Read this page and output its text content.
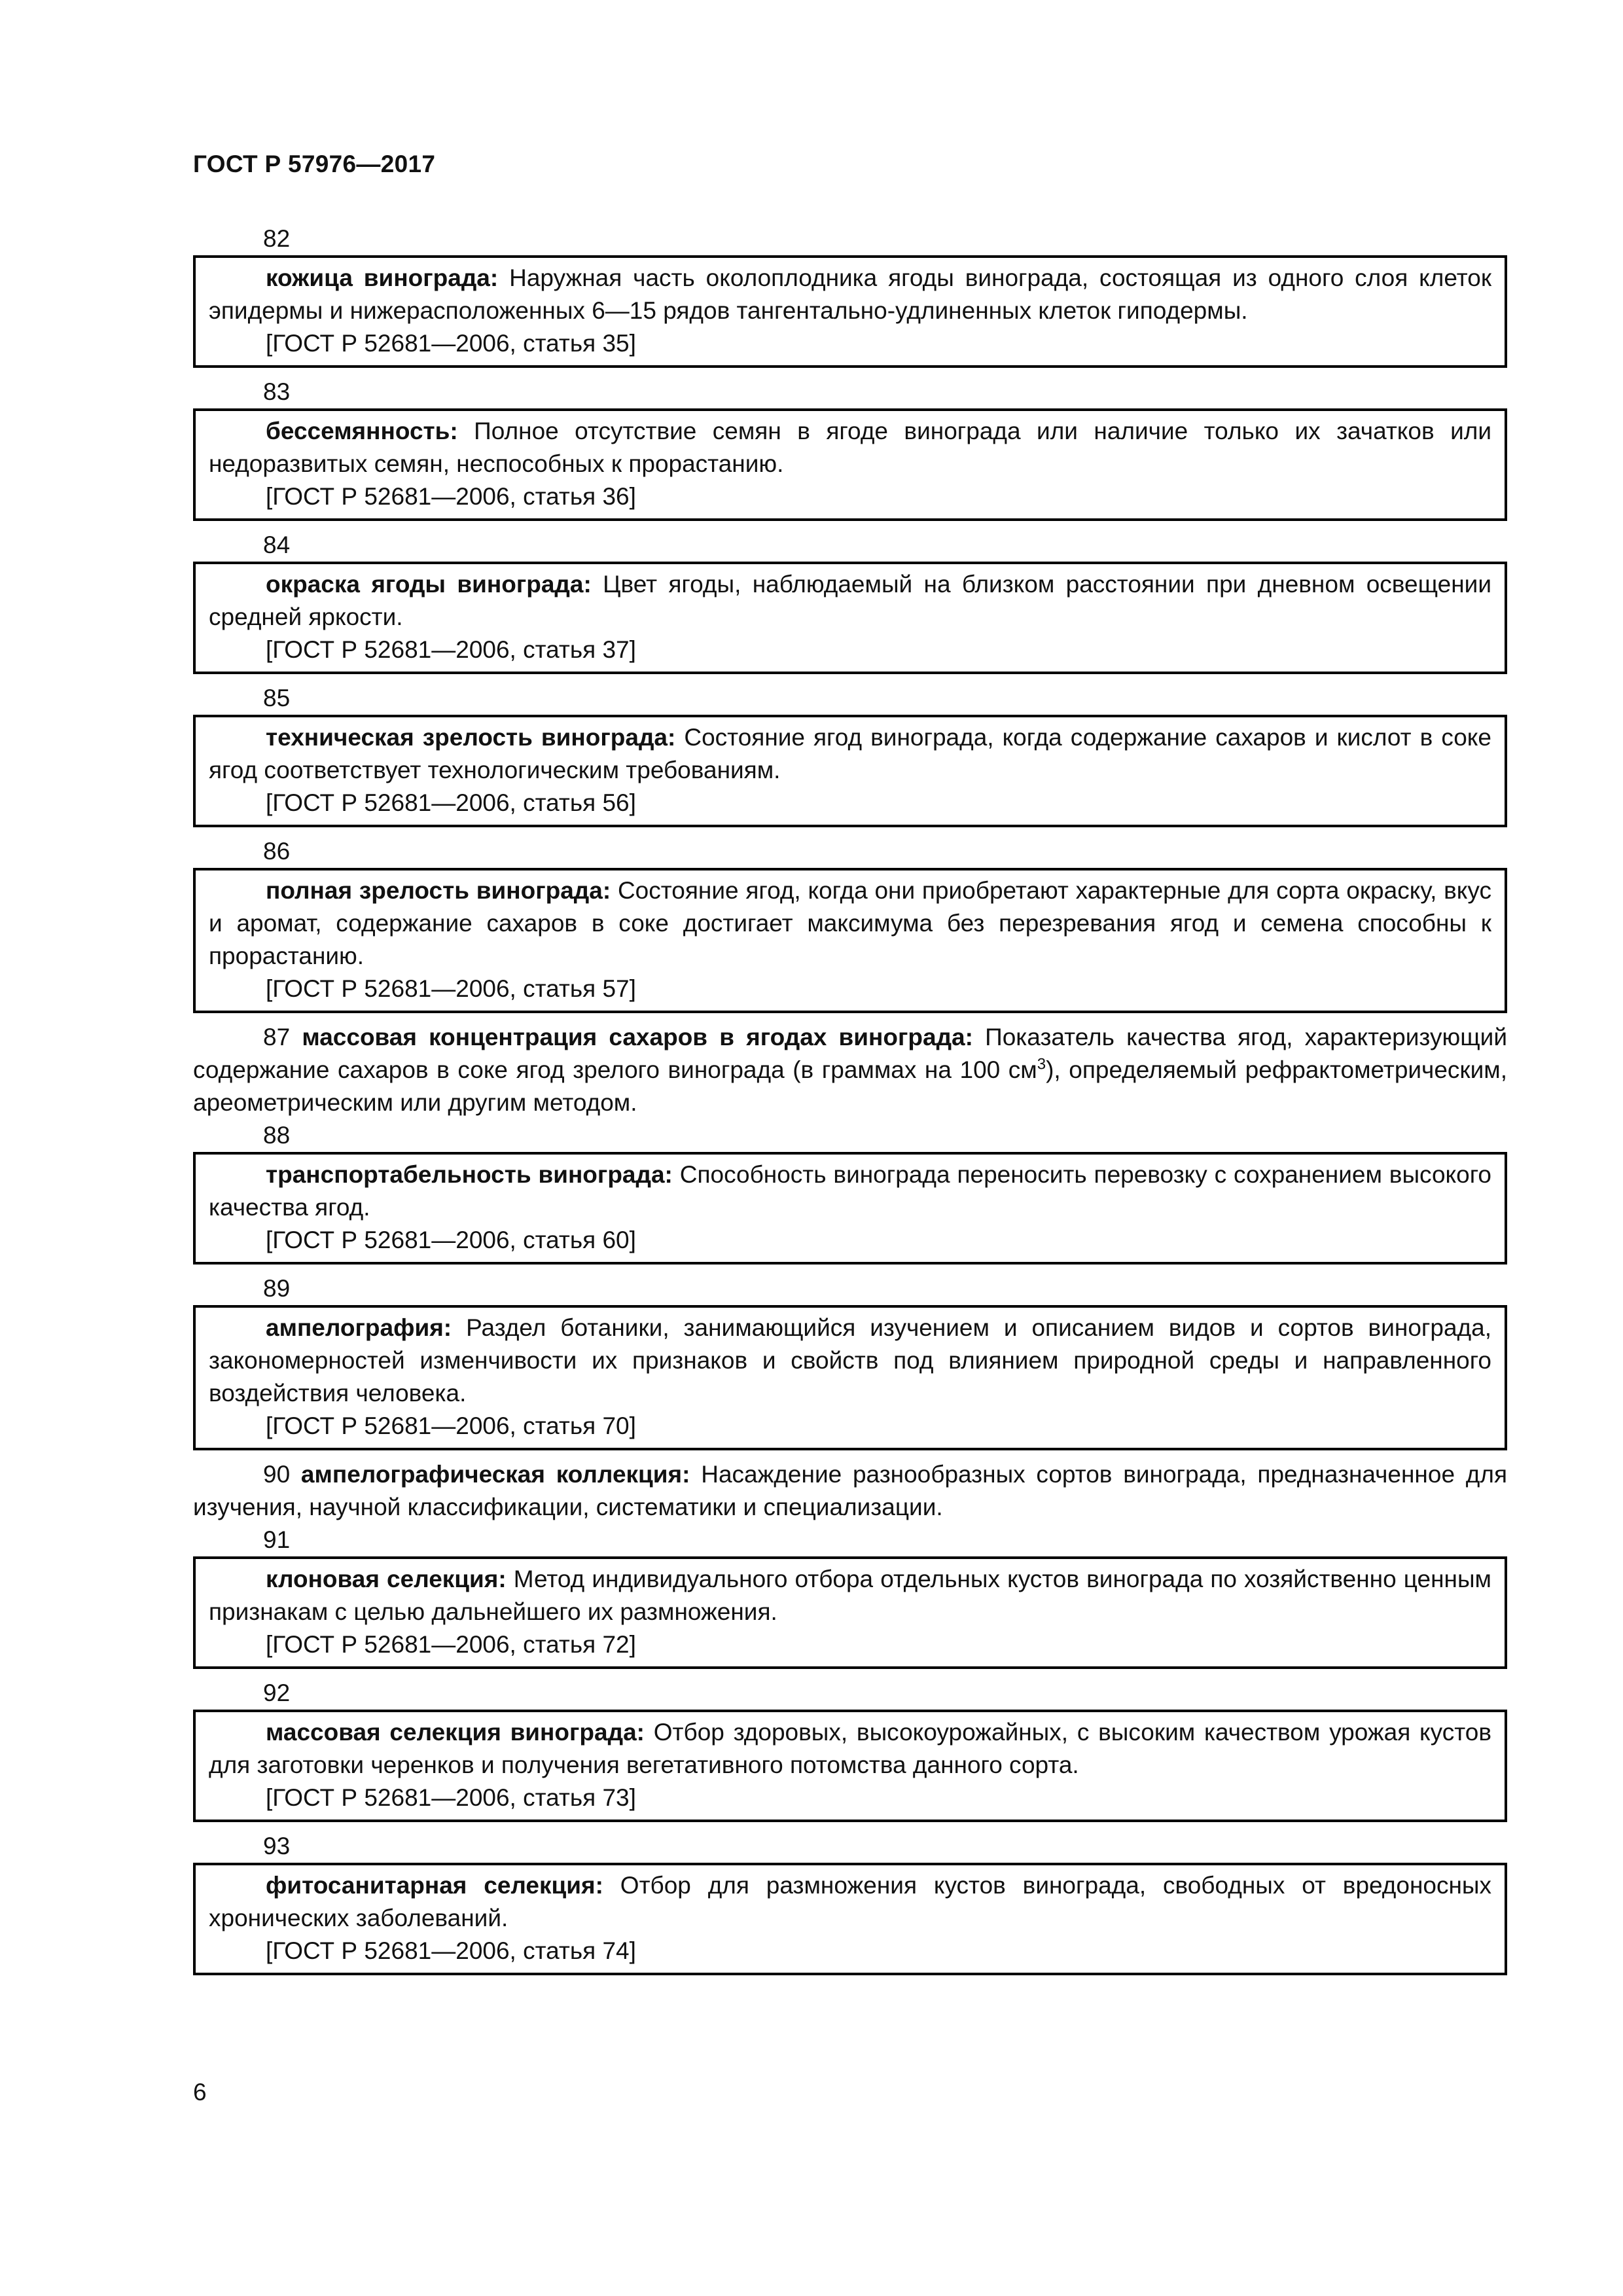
ГОСТ Р 57976—2017
82

кожица винограда: Наружная часть околоплодника ягоды винограда, состоящая из одного слоя клеток эпидермы и нижерасположенных 6—15 рядов тангентально-удлиненных клеток гиподермы.

[ГОСТ Р 52681—2006, статья 35]

83

бессемянность: Полное отсутствие семян в ягоде винограда или наличие только их зачатков или недоразвитых семян, неспособных к прорастанию.

[ГОСТ Р 52681—2006, статья 36]

84

окраска ягоды винограда: Цвет ягоды, наблюдаемый на близком расстоянии при дневном освещении средней яркости.

[ГОСТ Р 52681—2006, статья 37]

85

техническая зрелость винограда: Состояние ягод винограда, когда содержание сахаров и кислот в соке ягод соответствует технологическим требованиям.

[ГОСТ Р 52681—2006, статья 56]

86

полная зрелость винограда: Состояние ягод, когда они приобретают характерные для сорта окраску, вкус и аромат, содержание сахаров в соке достигает максимума без перезревания ягод и семена способны к прорастанию.

[ГОСТ Р 52681—2006, статья 57]

87 массовая концентрация сахаров в ягодах винограда: Показатель качества ягод, характеризующий содержание сахаров в соке ягод зрелого винограда (в граммах на 100 $см^3$), определяемый рефрактометрическим, ареометрическим или другим методом.

88

транспортабельность винограда: Способность винограда переносить перевозку с сохранением высокого качества ягод.

[ГОСТ Р 52681—2006, статья 60]

89

ампелография: Раздел ботаники, занимающийся изучением и описанием видов и сортов винограда, закономерностей изменчивости их признаков и свойств под влиянием природной среды и направленного воздействия человека.

[ГОСТ Р 52681—2006, статья 70]

90 ампелографическая коллекция: Насаждение разнообразных сортов винограда, предназначенное для изучения, научной классификации, систематики и специализации.

91

клоновая селекция: Метод индивидуального отбора отдельных кустов винограда по хозяйственно ценным признакам с целью дальнейшего их размножения.

[ГОСТ Р 52681—2006, статья 72]

92

массовая селекция винограда: Отбор здоровых, высокоурожайных, с высоким качеством урожая кустов для заготовки черенков и получения вегетативного потомства данного сорта.

[ГОСТ Р 52681—2006, статья 73]

93

фитосанитарная селекция: Отбор для размножения кустов винограда, свободных от вредоносных хронических заболеваний.

[ГОСТ Р 52681—2006, статья 74]

6
